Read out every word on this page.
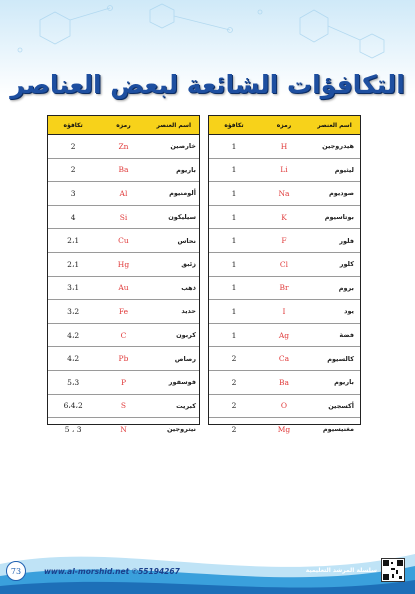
التكافؤات الشائعة لبعض العناصر
تكافؤه	رمزه	اسم العنصر
2	Zn	خارصين
2	Ba	باريوم
3	Al	ألومنيوم
4	Si	سيليكون
2،1	Cu	نحاس
2،1	Hg	زئبق
3،1	Au	ذهب
3،2	Fe	حديد
4،2	C	كربون
4،2	Pb	رصاص
5،3	P	فوسفور
6،4،2	S	كبريت
5 ، 3	N	نيتروجين
تكافؤه	رمزه	اسم العنصر
1	H	هيدروجين
1	Li	ليثيوم
1	Na	صوديوم
1	K	بوتاسيوم
1	F	فلور
1	Cl	كلور
1	Br	بروم
1	I	يود
1	Ag	فضة
2	Ca	كالسيوم
2	Ba	باريوم
2	O	أكسجين
2	Mg	مغنيسيوم
73	www.al-morshid.net ✆55194267	سلسلة المرشد التعليمية
